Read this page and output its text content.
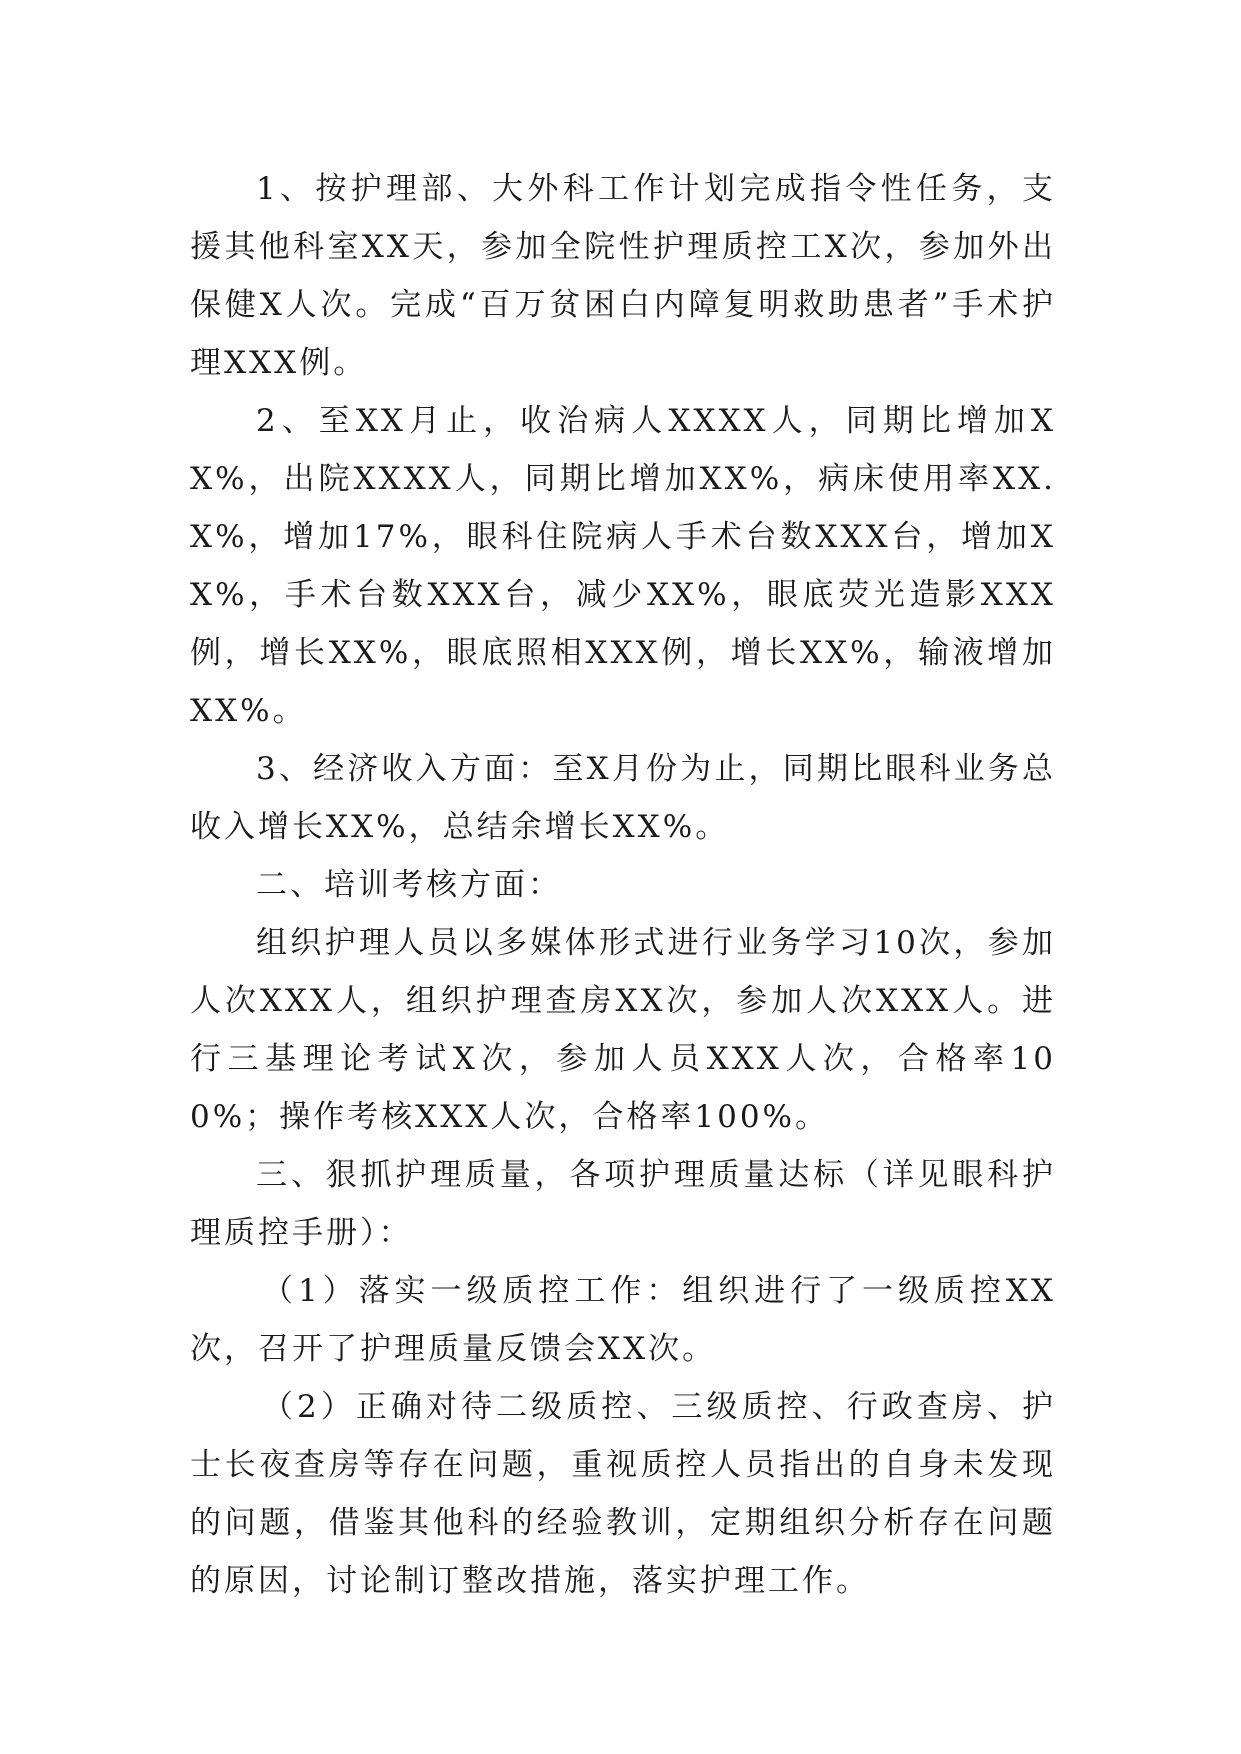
1、按护理部、大外科工作计划完成指令性任务，支援其他科室XX天，参加全院性护理质控工X次，参加外出保健X人次。完成“百万贫困白内障复明救助患者”手术护理XXX例。

2、至XX月止，收治病人XXXX人，同期比增加XX%，出院XXXX人，同期比增加XX%，病床使用率XX.X%，增加17%，眼科住院病人手术台数XXX台，增加XX%，手术台数XXX台，减少XX%，眼底荧光造影XXX例，增长XX%，眼底照相XXX例，增长XX%，输液增加XX%。

3、经济收入方面：至X月份为止，同期比眼科业务总收入增长XX%，总结余增长XX%。

二、培训考核方面：

组织护理人员以多媒体形式进行业务学习10次，参加人次XXX人，组织护理查房XX次，参加人次XXX人。进行三基理论考试X次，参加人员XXX人次，合格率100%；操作考核XXX人次，合格率100%。

三、狠抓护理质量，各项护理质量达标（详见眼科护理质控手册）：

（1）落实一级质控工作：组织进行了一级质控XX次，召开了护理质量反馈会XX次。

（2）正确对待二级质控、三级质控、行政查房、护士长夜查房等存在问题，重视质控人员指出的自身未发现的问题，借鉴其他科的经验教训，定期组织分析存在问题的原因，讨论制订整改措施，落实护理工作。
